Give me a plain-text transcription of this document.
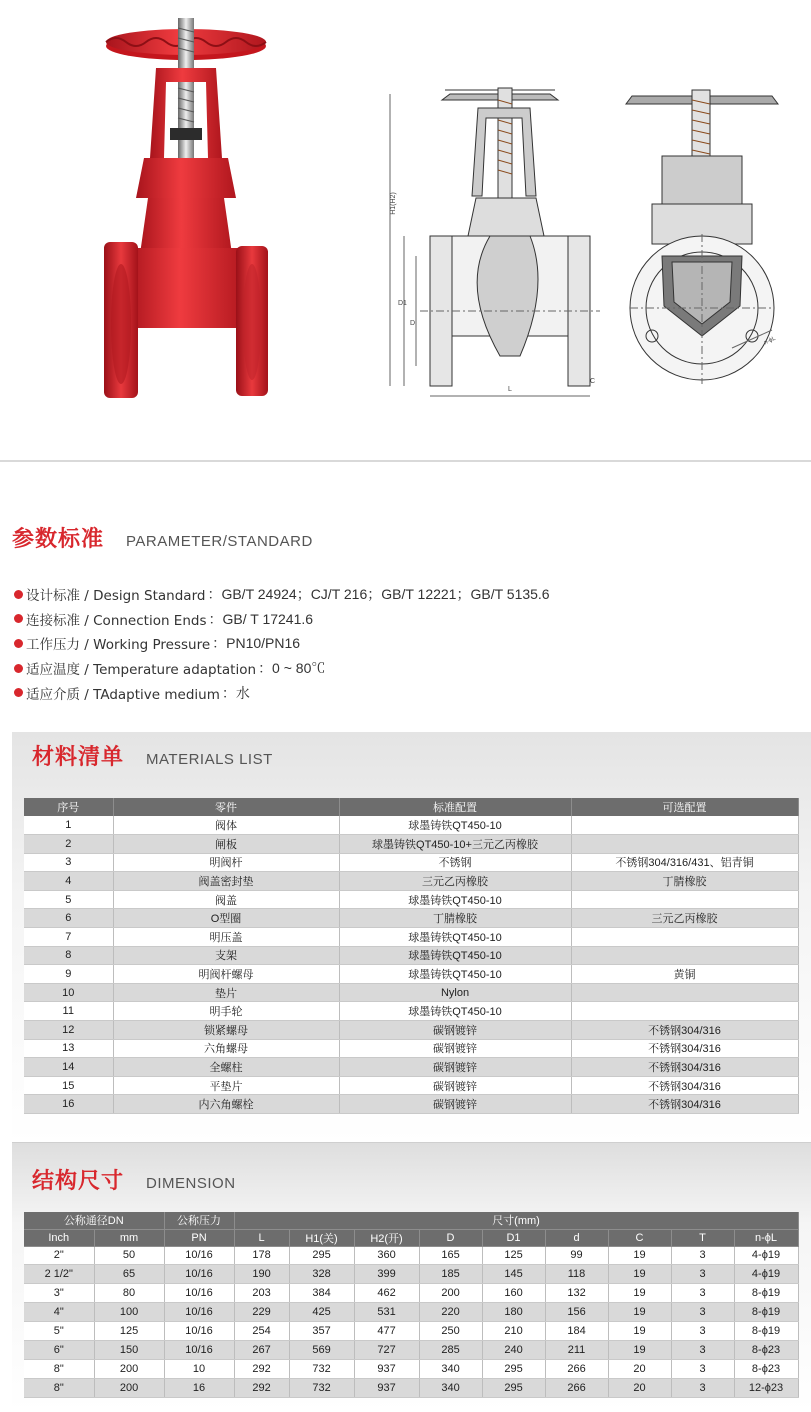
H1(H2)
D1
D
L
C
n-ϕL
参数标准 PARAMETER/STANDARD
设计标准 / Design Standard ：GB/T 24924；CJ/T 216；GB/T 12221；GB/T 5135.6
连接标准 / Connection Ends ：GB/ T 17241.6
工作压力 / Working Pressure ：PN10/PN16
适应温度 / Temperature adaptation ：0 ~ 80℃
适应介质 / TAdaptive medium ：水
材料清单 MATERIALS LIST
序号	零件	标准配置	可选配置
1	阀体	球墨铸铁QT450-10	
2	闸板	球墨铸铁QT450-10+三元乙丙橡胶	
3	明阀杆	不锈钢	不锈钢304/316/431、铝青铜
4	阀盖密封垫	三元乙丙橡胶	丁腈橡胶
5	阀盖	球墨铸铁QT450-10	
6	O型圈	丁腈橡胶	三元乙丙橡胶
7	明压盖	球墨铸铁QT450-10	
8	支架	球墨铸铁QT450-10	
9	明阀杆螺母	球墨铸铁QT450-10	黄铜
10	垫片	Nylon	
11	明手轮	球墨铸铁QT450-10	
12	锁紧螺母	碳钢镀锌	不锈钢304/316
13	六角螺母	碳钢镀锌	不锈钢304/316
14	全螺柱	碳钢镀锌	不锈钢304/316
15	平垫片	碳钢镀锌	不锈钢304/316
16	内六角螺栓	碳钢镀锌	不锈钢304/316
结构尺寸 DIMENSION
公称通径DN		公称压力	尺寸(mm)								
Inch	mm	PN	L	H1(关)	H2(开)	D	D1	d	C	T	n-ϕL
2"	50	10/16	178	295	360	165	125	99	19	3	4-ϕ19
2 1/2"	65	10/16	190	328	399	185	145	118	19	3	4-ϕ19
3"	80	10/16	203	384	462	200	160	132	19	3	8-ϕ19
4"	100	10/16	229	425	531	220	180	156	19	3	8-ϕ19
5"	125	10/16	254	357	477	250	210	184	19	3	8-ϕ19
6"	150	10/16	267	569	727	285	240	211	19	3	8-ϕ23
8"	200	10	292	732	937	340	295	266	20	3	8-ϕ23
8"	200	16	292	732	937	340	295	266	20	3	12-ϕ23
